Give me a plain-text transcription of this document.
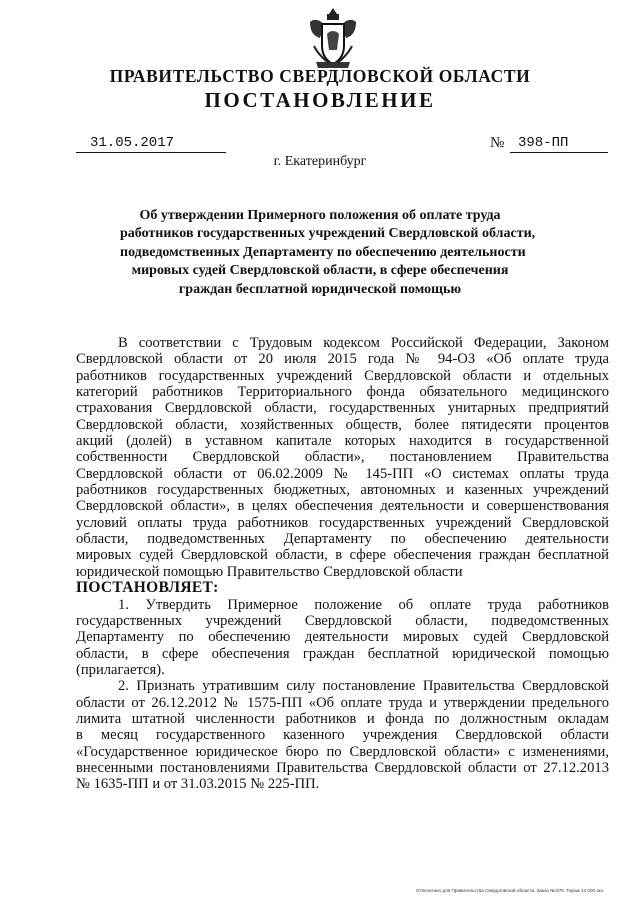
ПРАВИТЕЛЬСТВО СВЕРДЛОВСКОЙ ОБЛАСТИ
ПОСТАНОВЛЕНИЕ
31.05.2017	№ 398-ПП
г. Екатеринбург
Об утверждении Примерного положения об оплате труда
работников государственных учреждений Свердловской области,
подведомственных Департаменту по обеспечению деятельности
мировых судей Свердловской области, в сфере обеспечения
граждан бесплатной юридической помощью
В соответствии с Трудовым кодексом Российской Федерации, Законом
Свердловской области от 20 июля 2015 года № 94-ОЗ «Об оплате труда
работников государственных учреждений Свердловской области и отдельных
категорий работников Территориального фонда обязательного медицинского
страхования Свердловской области, государственных унитарных предприятий
Свердловской области, хозяйственных обществ, более пятидесяти процентов
акций (долей) в уставном капитале которых находится в государственной
собственности Свердловской области», постановлением Правительства
Свердловской области от 06.02.2009 № 145-ПП «О системах оплаты труда
работников государственных бюджетных, автономных и казенных учреждений
Свердловской области», в целях обеспечения деятельности и совершенствования
условий оплаты труда работников государственных учреждений Свердловской
области, подведомственных Департаменту по обеспечению деятельности
мировых судей Свердловской области, в сфере обеспечения граждан бесплатной
юридической помощью Правительство Свердловской области
ПОСТАНОВЛЯЕТ:
1. Утвердить Примерное положение об оплате труда работников
государственных учреждений Свердловской области, подведомственных
Департаменту по обеспечению деятельности мировых судей Свердловской
области, в сфере обеспечения граждан бесплатной юридической помощью
(прилагается).
2. Признать утратившим силу постановление Правительства Свердловской
области от 26.12.2012 № 1575-ПП «Об оплате труда и утверждении предельного
лимита штатной численности работников и фонда по должностным окладам
в месяц государственного казенного учреждения Свердловской области
«Государственное юридическое бюро по Свердловской области» с изменениями,
внесенными постановлениями Правительства Свердловской области от 27.12.2013
№ 1635-ПП и от 31.03.2015 № 225-ПП.
Отпечатано для Правительства Свердловской области. Заказ № 575. Тираж 14 000 экз.
